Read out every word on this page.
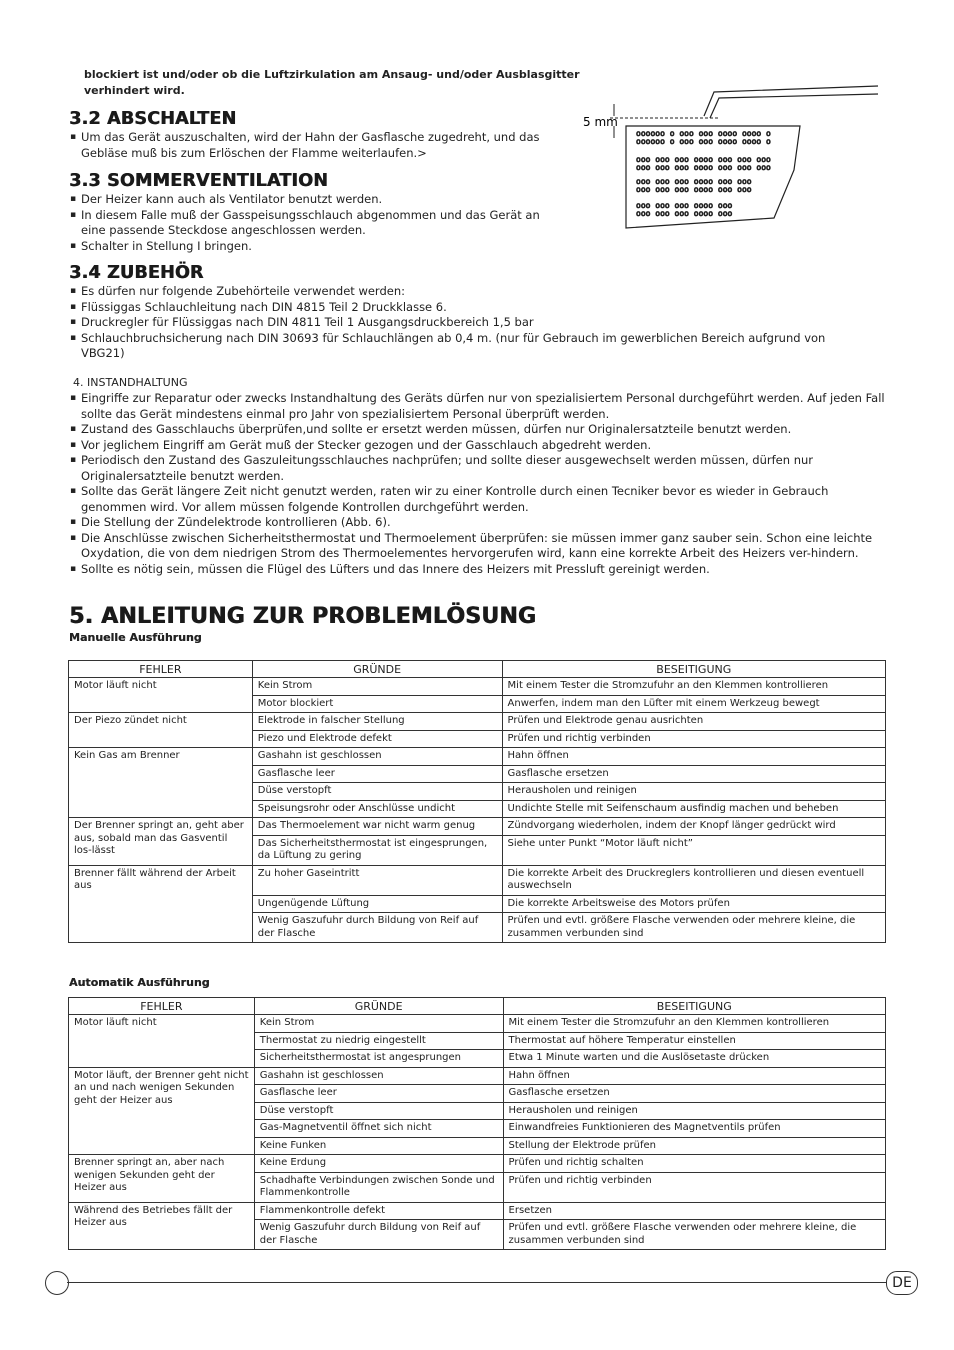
blockiert ist und/oder ob die Luftzirkulation am Ansaug- und/oder Ausblasgitter verhindert wird.
3.2 ABSCHALTEN
▪ Um das Gerät auszuschalten, wird der Hahn der Gasflasche zugedreht, und das Gebläse muß bis zum Erlöschen der Flamme weiterlaufen.>
3.3 SOMMERVENTILATION
▪ Der Heizer kann auch als Ventilator benutzt werden.
▪ In diesem Falle muß der Gasspeisungsschlauch abgenommen und das Gerät an eine passende Steckdose angeschlossen werden.
▪ Schalter in Stellung I bringen.
3.4 ZUBEHÖR
▪ Es dürfen nur folgende Zubehörteile verwendet werden:
▪ Flüssiggas Schlauchleitung nach DIN 4815 Teil 2 Druckklasse 6.
▪ Druckregler für Flüssiggas nach DIN 4811 Teil 1 Ausgangsdruckbereich 1,5 bar
▪ Schlauchbruchsicherung nach DIN 30693 für Schlauchlängen ab 0,4 m. (nur für Gebrauch im gewerblichen Bereich aufgrund von VBG21)
4. INSTANDHALTUNG
▪ Eingriffe zur Reparatur oder zwecks Instandhaltung des Geräts dürfen nur von spezialisiertem Personal durchgeführt werden. Auf jeden Fall sollte das Gerät mindestens einmal pro Jahr von spezialisiertem Personal überprüft werden.
▪ Zustand des Gasschlauchs überprüfen,und sollte er ersetzt werden müssen, dürfen nur Originalersatzteile benutzt werden.
▪ Vor jeglichem Eingriff am Gerät muß der Stecker gezogen und der Gasschlauch abgedreht werden.
▪ Periodisch den Zustand des Gaszuleitungsschlauches nachprüfen; und sollte dieser ausgewechselt werden müssen, dürfen nur Originalersatzteile benutzt werden.
▪ Sollte das Gerät längere Zeit nicht genutzt werden, raten wir zu einer Kontrolle durch einen Tecniker bevor es wieder in Gebrauch genommen wird. Vor allem müssen folgende Kontrollen durchgeführt werden.
▪ Die Stellung der Zündelektrode kontrollieren (Abb. 6).
▪ Die Anschlüsse zwischen Sicherheitsthermostat und Thermoelement überprüfen: sie müssen immer ganz sauber sein. Schon eine leichte Oxydation, die von dem niedrigen Strom des Thermoelementes hervorgerufen wird, kann eine korrekte Arbeit des Heizers ver-hindern.
▪ Sollte es nötig sein, müssen die Flügel des Lüfters und das Innere des Heizers mit Pressluft gereinigt werden.
5 mm
oooooo o ooo ooo oooo oooo o
oooooo o ooo ooo oooo oooo o
ooo ooo ooo oooo ooo ooo ooo
ooo ooo ooo oooo ooo ooo ooo
ooo ooo ooo oooo ooo ooo
ooo ooo ooo oooo ooo ooo
ooo ooo ooo oooo ooo
ooo ooo ooo oooo ooo
5. ANLEITUNG ZUR PROBLEMLÖSUNG
Manuelle Ausführung
FEHLER	GRÜNDE	BESEITIGUNG
Motor läuft nicht	Kein Strom	Mit einem Tester die Stromzufuhr an den Klemmen kontrollieren
	Motor blockiert	Anwerfen, indem man den Lüfter mit einem Werkzeug bewegt
Der Piezo zündet nicht	Elektrode in falscher Stellung	Prüfen und Elektrode genau ausrichten
	Piezo und Elektrode defekt	Prüfen und richtig verbinden
Kein Gas am Brenner	Gashahn ist geschlossen	Hahn öffnen
	Gasflasche leer	Gasflasche ersetzen
	Düse verstopft	Herausholen und reinigen
	Speisungsrohr oder Anschlüsse undicht	Undichte Stelle mit Seifenschaum ausfindig machen und beheben
Der Brenner springt an, geht aber aus, sobald man das Gasventil los-lässt	Das Thermoelement war nicht warm genug	Zündvorgang wiederholen, indem der Knopf länger gedrückt wird
	Das Sicherheitsthermostat ist eingesprungen, da Lüftung zu gering	Siehe unter Punkt “Motor läuft nicht”
Brenner fällt während der Arbeit aus	Zu hoher Gaseintritt	Die korrekte Arbeit des Druckreglers kontrollieren und diesen eventuell auswechseln
	Ungenügende Lüftung	Die korrekte Arbeitsweise des Motors prüfen
	Wenig Gaszufuhr durch Bildung von Reif auf der Flasche	Prüfen und evtl. größere Flasche verwenden oder mehrere kleine, die zusammen verbunden sind
Automatik Ausführung
FEHLER	GRÜNDE	BESEITIGUNG
Motor läuft nicht	Kein Strom	Mit einem Tester die Stromzufuhr an den Klemmen kontrollieren
	Thermostat zu niedrig eingestellt	Thermostat auf höhere Temperatur einstellen
	Sicherheitsthermostat ist angesprungen	Etwa 1 Minute warten und die Auslösetaste drücken
Motor läuft, der Brenner geht nicht an und nach wenigen Sekunden geht der Heizer aus	Gashahn ist geschlossen	Hahn öffnen
	Gasflasche leer	Gasflasche ersetzen
	Düse verstopft	Herausholen und reinigen
	Gas-Magnetventil öffnet sich nicht	Einwandfreies Funktionieren des Magnetventils prüfen
	Keine Funken	Stellung der Elektrode prüfen
Brenner springt an, aber nach wenigen Sekunden geht der Heizer aus	Keine Erdung	Prüfen und richtig schalten
	Schadhafte Verbindungen zwischen Sonde und Flammenkontrolle	Prüfen und richtig verbinden
Während des Betriebes fällt der Heizer aus	Flammenkontrolle defekt	Ersetzen
	Wenig Gaszufuhr durch Bildung von Reif auf der Flasche	Prüfen und evtl. größere Flasche verwenden oder mehrere kleine, die zusammen verbunden sind
DE
